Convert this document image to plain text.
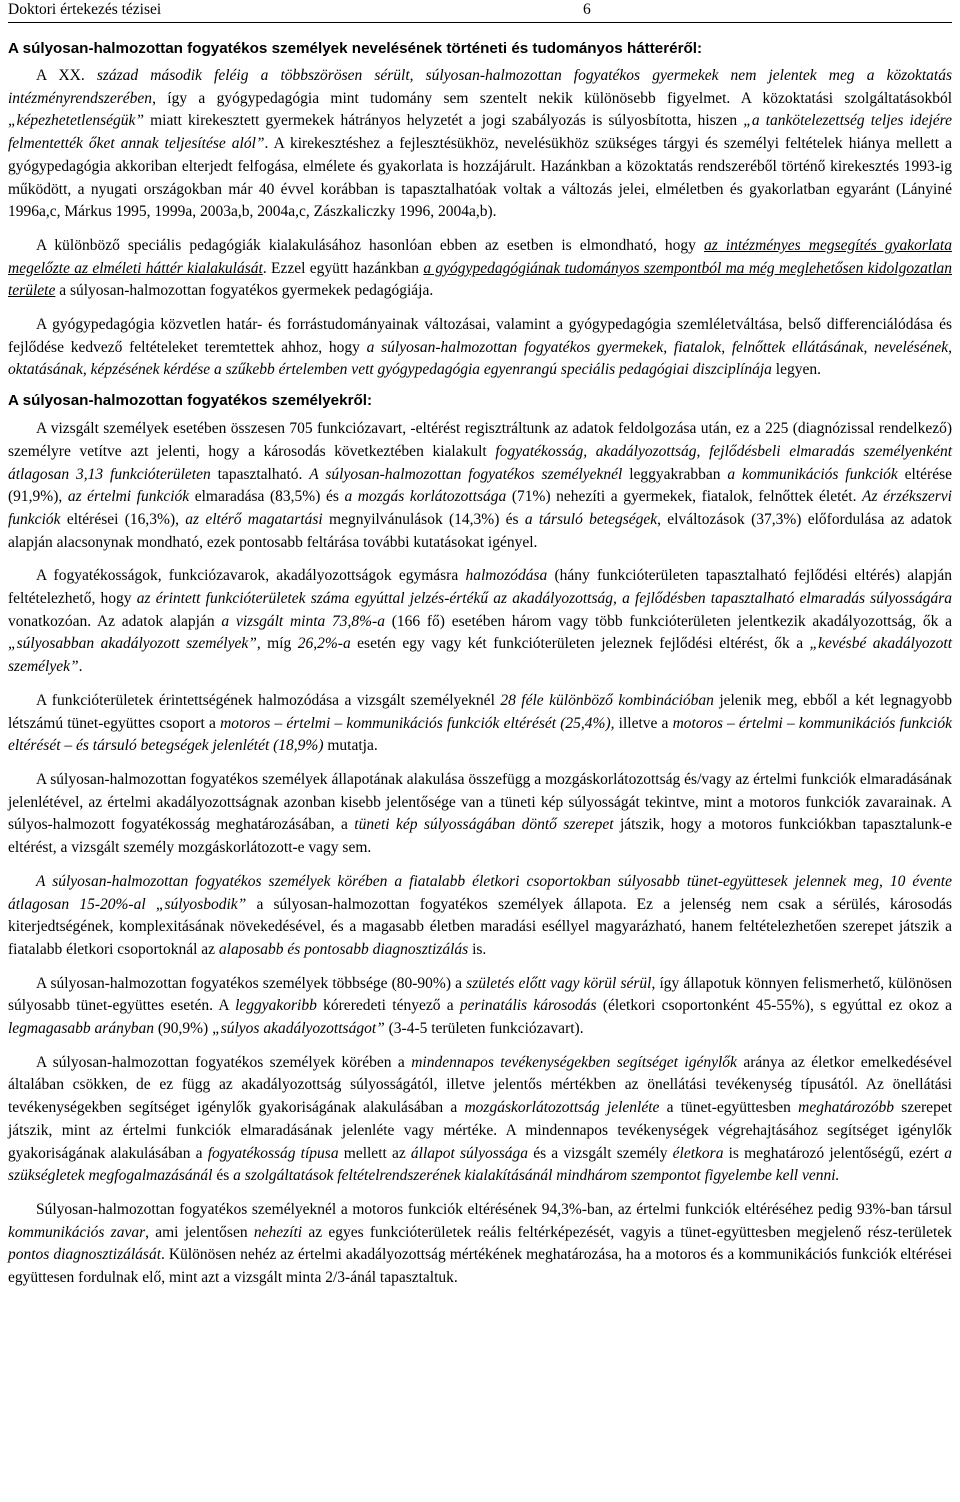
Doktori értekezés tézisei	6
A súlyosan-halmozottan fogyatékos személyek nevelésének történeti és tudományos hátteréről:

A XX. század második feléig a többszörösen sérült, súlyosan-halmozottan fogyatékos gyermekek nem jelentek meg a közoktatás intézményrendszerében, így a gyógypedagógia mint tudomány sem szentelt nekik különösebb figyelmet. A közoktatási szolgáltatásokból „képezhetetlenségük” miatt kirekesztett gyermekek hátrányos helyzetét a jogi szabályozás is súlyosbította, hiszen „a tankötelezettség teljes idejére felmentették őket annak teljesítése alól”. A kirekesztéshez a fejlesztésükhöz, nevelésükhöz szükséges tárgyi és személyi feltételek hiánya mellett a gyógypedagógia akkoriban elterjedt felfogása, elmélete és gyakorlata is hozzájárult. Hazánkban a közoktatás rendszeréből történő kirekesztés 1993-ig működött, a nyugati országokban már 40 évvel korábban is tapasztalhatóak voltak a változás jelei, elméletben és gyakorlatban egyaránt (Lányiné 1996a,c, Márkus 1995, 1999a, 2003a,b, 2004a,c, Zászkaliczky 1996, 2004a,b).

A különböző speciális pedagógiák kialakulásához hasonlóan ebben az esetben is elmondható, hogy az intézményes megsegítés gyakorlata megelőzte az elméleti háttér kialakulását. Ezzel együtt hazánkban a gyógypedagógiának tudományos szempontból ma még meglehetősen kidolgozatlan területe a súlyosan-halmozottan fogyatékos gyermekek pedagógiája.

A gyógypedagógia közvetlen határ- és forrástudományainak változásai, valamint a gyógypedagógia szemléletváltása, belső differenciálódása és fejlődése kedvező feltételeket teremtettek ahhoz, hogy a súlyosan-halmozottan fogyatékos gyermekek, fiatalok, felnőttek ellátásának, nevelésének, oktatásának, képzésének kérdése a szűkebb értelemben vett gyógypedagógia egyenrangú speciális pedagógiai diszciplínája legyen.

A súlyosan-halmozottan fogyatékos személyekről:

A vizsgált személyek esetében összesen 705 funkciózavart, -eltérést regisztráltunk az adatok feldolgozása után, ez a 225 (diagnózissal rendelkező) személyre vetítve azt jelenti, hogy a károsodás következtében kialakult fogyatékosság, akadályozottság, fejlődésbeli elmaradás személyenként átlagosan 3,13 funkcióterületen tapasztalható. A súlyosan-halmozottan fogyatékos személyeknél leggyakrabban a kommunikációs funkciók eltérése (91,9%), az értelmi funkciók elmaradása (83,5%) és a mozgás korlátozottsága (71%) nehezíti a gyermekek, fiatalok, felnőttek életét. Az érzékszervi funkciók eltérései (16,3%), az eltérő magatartási megnyilvánulások (14,3%) és a társuló betegségek, elváltozások (37,3%) előfordulása az adatok alapján alacsonynak mondható, ezek pontosabb feltárása további kutatásokat igényel.

A fogyatékosságok, funkciózavarok, akadályozottságok egymásra halmozódása (hány funkcióterületen tapasztalható fejlődési eltérés) alapján feltételezhető, hogy az érintett funkcióterületek száma egyúttal jelzés-értékű az akadályozottság, a fejlődésben tapasztalható elmaradás súlyosságára vonatkozóan. Az adatok alapján a vizsgált minta 73,8%-a (166 fő) esetében három vagy több funkcióterületen jelentkezik akadályozottság, ők a „súlyosabban akadályozott személyek”, míg 26,2%-a esetén egy vagy két funkcióterületen jeleznek fejlődési eltérést, ők a „kevésbé akadályozott személyek”.

A funkcióterületek érintettségének halmozódása a vizsgált személyeknél 28 féle különböző kombinációban jelenik meg, ebből a két legnagyobb létszámú tünet-együttes csoport a motoros – értelmi – kommunikációs funkciók eltérését (25,4%), illetve a motoros – értelmi – kommunikációs funkciók eltérését – és társuló betegségek jelenlétét (18,9%) mutatja.

A súlyosan-halmozottan fogyatékos személyek állapotának alakulása összefügg a mozgáskorlátozottság és/vagy az értelmi funkciók elmaradásának jelenlétével, az értelmi akadályozottságnak azonban kisebb jelentősége van a tüneti kép súlyosságát tekintve, mint a motoros funkciók zavarainak. A súlyos-halmozott fogyatékosság meghatározásában, a tüneti kép súlyosságában döntő szerepet játszik, hogy a motoros funkciókban tapasztalunk-e eltérést, a vizsgált személy mozgáskorlátozott-e vagy sem.

A súlyosan-halmozottan fogyatékos személyek körében a fiatalabb életkori csoportokban súlyosabb tünet-együttesek jelennek meg, 10 évente átlagosan 15-20%-al „súlyosbodik” a súlyosan-halmozottan fogyatékos személyek állapota. Ez a jelenség nem csak a sérülés, károsodás kiterjedtségének, komplexitásának növekedésével, és a magasabb életben maradási eséllyel magyarázható, hanem feltételezhetően szerepet játszik a fiatalabb életkori csoportoknál az alaposabb és pontosabb diagnosztizálás is.

A súlyosan-halmozottan fogyatékos személyek többsége (80-90%) a születés előtt vagy körül sérül, így állapotuk könnyen felismerhető, különösen súlyosabb tünet-együttes esetén. A leggyakoribb kóreredeti tényező a perinatális károsodás (életkori csoportonként 45-55%), s egyúttal ez okoz a legmagasabb arányban (90,9%) „súlyos akadályozottságot” (3-4-5 területen funkciózavart).

A súlyosan-halmozottan fogyatékos személyek körében a mindennapos tevékenységekben segítséget igénylők aránya az életkor emelkedésével általában csökken, de ez függ az akadályozottság súlyosságától, illetve jelentős mértékben az önellátási tevékenység típusától. Az önellátási tevékenységekben segítséget igénylők gyakoriságának alakulásában a mozgáskorlátozottság jelenléte a tünet-együttesben meghatározóbb szerepet játszik, mint az értelmi funkciók elmaradásának jelenléte vagy mértéke. A mindennapos tevékenységek végrehajtásához segítséget igénylők gyakoriságának alakulásában a fogyatékosság típusa mellett az állapot súlyossága és a vizsgált személy életkora is meghatározó jelentőségű, ezért a szükségletek megfogalmazásánál és a szolgáltatások feltételrendszerének kialakításánál mindhárom szempontot figyelembe kell venni.

Súlyosan-halmozottan fogyatékos személyeknél a motoros funkciók eltérésének 94,3%-ban, az értelmi funkciók eltéréséhez pedig 93%-ban társul kommunikációs zavar, ami jelentősen nehezíti az egyes funkcióterületek reális feltérképezését, vagyis a tünet-együttesben megjelenő rész-területek pontos diagnosztizálását. Különösen nehéz az értelmi akadályozottság mértékének meghatározása, ha a motoros és a kommunikációs funkciók eltérései együttesen fordulnak elő, mint azt a vizsgált minta 2/3-ánál tapasztaltuk.
